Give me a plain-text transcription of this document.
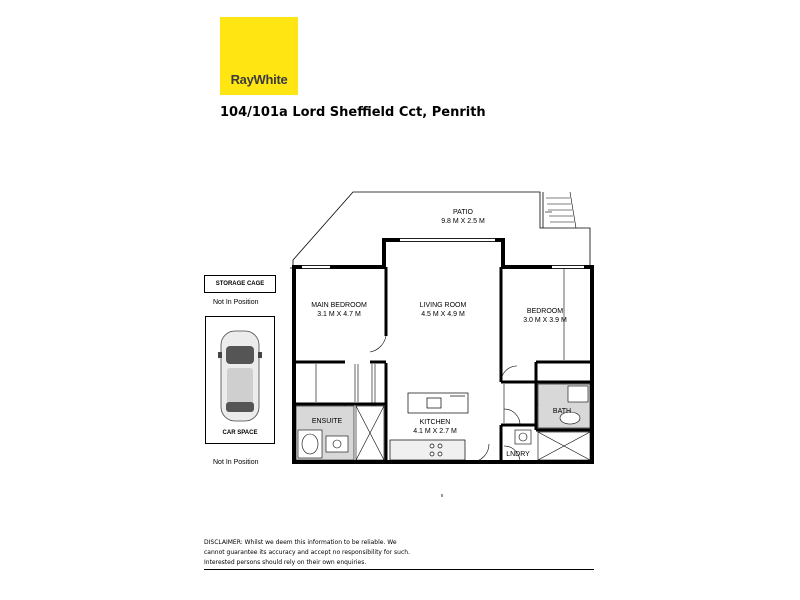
RayWhite
104/101a Lord Sheffield Cct, Penrith
PATIO
9.8 M X 2.5 M
MAIN BEDROOM
3.1 M X 4.7 M
LIVING ROOM
4.5 M X 4.9 M	BEDROOM
3.0 M X 3.9 M
ENSUITE	KITCHEN
4.1 M X 2.7 M
BATH
LNDRY
STORAGE CAGE
Not In Position
CAR SPACE
Not In Position
DISCLAIMER: Whilst we deem this information to be reliable. We
cannot guarantee its accuracy and accept no responsibility for such.
Interested persons should rely on their own enquiries.
